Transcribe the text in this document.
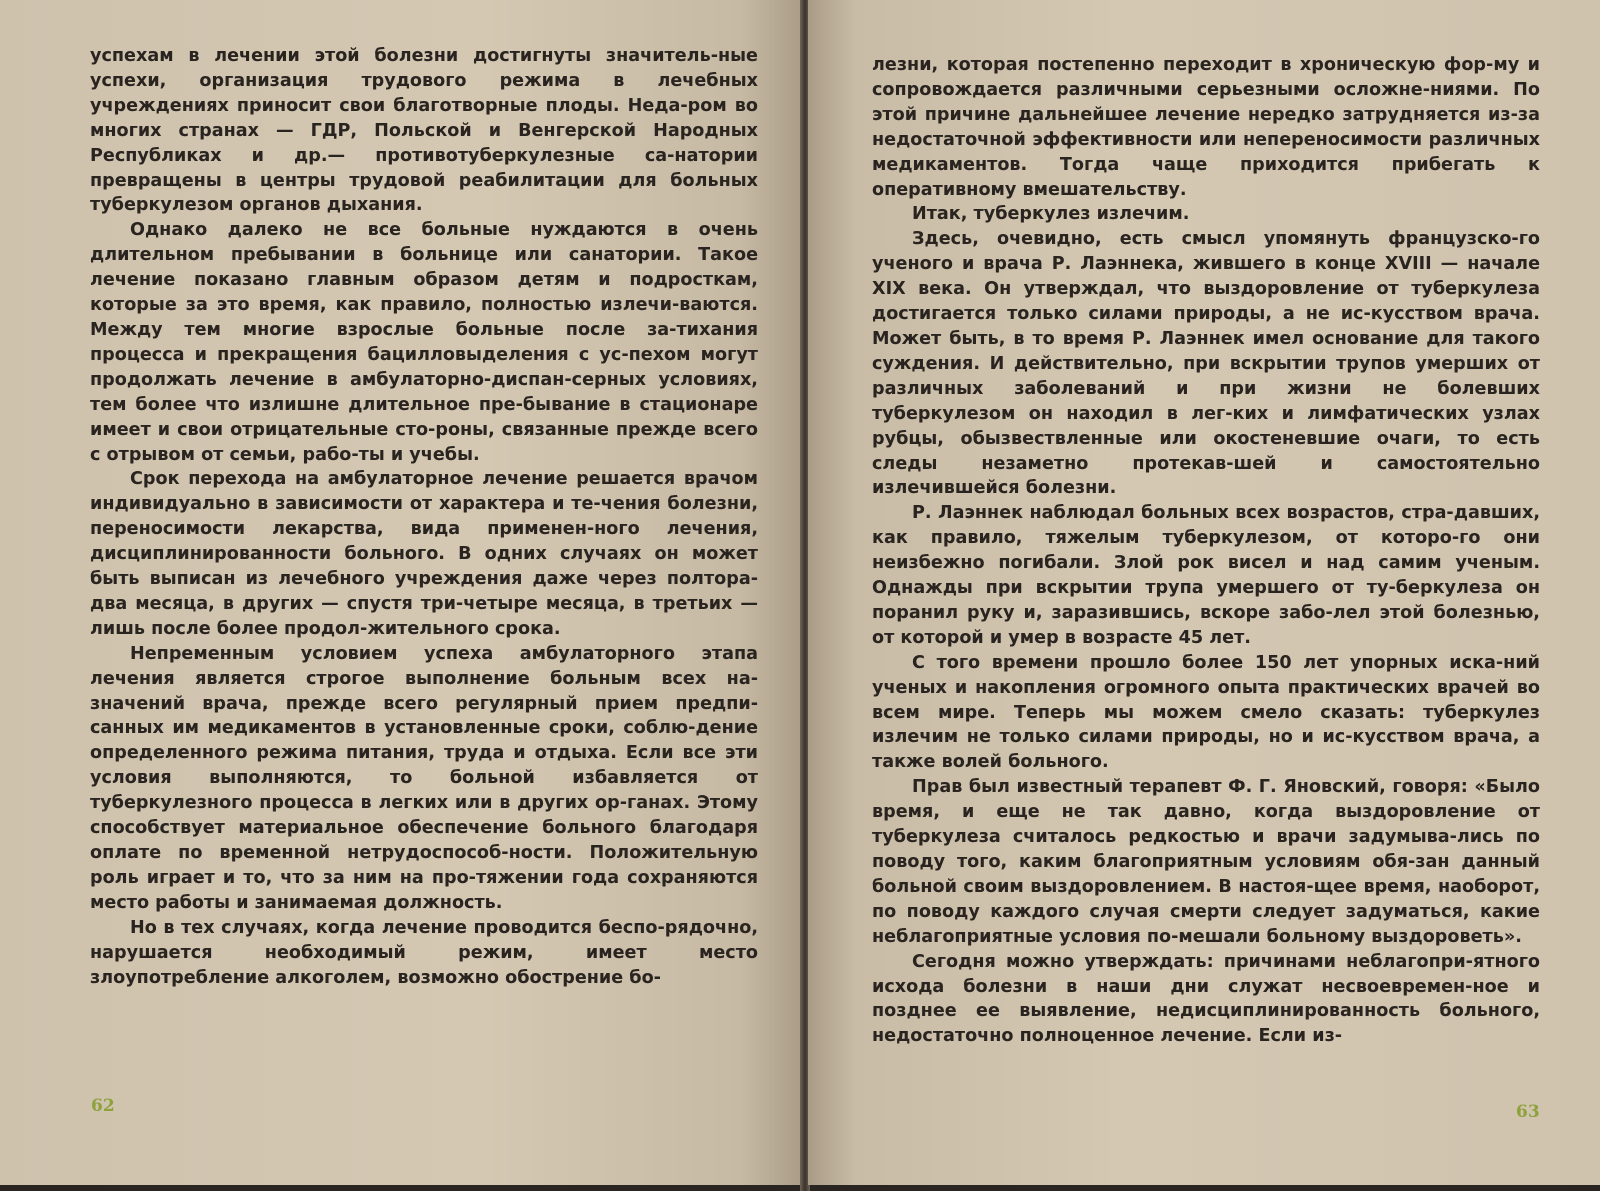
успехам в лечении этой болезни достигнуты значитель-ные успехи, организация трудового режима в лечебных учреждениях приносит свои благотворные плоды. Неда-ром во многих странах — ГДР, Польской и Венгерской Народных Республиках и др.— противотуберкулезные са-натории превращены в центры трудовой реабилитации для больных туберкулезом органов дыхания.

Однако далеко не все больные нуждаются в очень длительном пребывании в больнице или санатории. Такое лечение показано главным образом детям и подросткам, которые за это время, как правило, полностью излечи-ваются. Между тем многие взрослые больные после за-тихания процесса и прекращения бацилловыделения с ус-пехом могут продолжать лечение в амбулаторно-диспан-серных условиях, тем более что излишне длительное пре-бывание в стационаре имеет и свои отрицательные сто-роны, связанные прежде всего с отрывом от семьи, рабо-ты и учебы.

Срок перехода на амбулаторное лечение решается врачом индивидуально в зависимости от характера и те-чения болезни, переносимости лекарства, вида применен-ного лечения, дисциплинированности больного. В одних случаях он может быть выписан из лечебного учреждения даже через полтора-два месяца, в других — спустя три-четыре месяца, в третьих — лишь после более продол-жительного срока.

Непременным условием успеха амбулаторного этапа лечения является строгое выполнение больным всех на-значений врача, прежде всего регулярный прием предпи-санных им медикаментов в установленные сроки, соблю-дение определенного режима питания, труда и отдыха. Если все эти условия выполняются, то больной избавляется от туберкулезного процесса в легких или в других ор-ганах. Этому способствует материальное обеспечение больного благодаря оплате по временной нетрудоспособ-ности. Положительную роль играет и то, что за ним на про-тяжении года сохраняются место работы и занимаемая должность.

Но в тех случаях, когда лечение проводится беспо-рядочно, нарушается необходимый режим, имеет место злоупотребление алкоголем, возможно обострение бо-

62

лезни, которая постепенно переходит в хроническую фор-му и сопровождается различными серьезными осложне-ниями. По этой причине дальнейшее лечение нередко затрудняется из-за недостаточной эффективности или непереносимости различных медикаментов. Тогда чаще приходится прибегать к оперативному вмешательству.

Итак, туберкулез излечим.

Здесь, очевидно, есть смысл упомянуть французско-го ученого и врача Р. Лаэннека, жившего в конце XVIII — начале XIX века. Он утверждал, что выздоровление от туберкулеза достигается только силами природы, а не ис-кусством врача. Может быть, в то время Р. Лаэннек имел основание для такого суждения. И действительно, при вскрытии трупов умерших от различных заболеваний и при жизни не болевших туберкулезом он находил в лег-ких и лимфатических узлах рубцы, обызвествленные или окостеневшие очаги, то есть следы незаметно протекав-шей и самостоятельно излечившейся болезни.

Р. Лаэннек наблюдал больных всех возрастов, стра-давших, как правило, тяжелым туберкулезом, от которо-го они неизбежно погибали. Злой рок висел и над самим ученым. Однажды при вскрытии трупа умершего от ту-беркулеза он поранил руку и, заразившись, вскоре забо-лел этой болезнью, от которой и умер в возрасте 45 лет.

С того времени прошло более 150 лет упорных иска-ний ученых и накопления огромного опыта практических врачей во всем мире. Теперь мы можем смело сказать: туберкулез излечим не только силами природы, но и ис-кусством врача, а также волей больного.

Прав был известный терапевт Ф. Г. Яновский, говоря: «Было время, и еще не так давно, когда выздоровление от туберкулеза считалось редкостью и врачи задумыва-лись по поводу того, каким благоприятным условиям обя-зан данный больной своим выздоровлением. В настоя-щее время, наоборот, по поводу каждого случая смерти следует задуматься, какие неблагоприятные условия по-мешали больному выздороветь».

Сегодня можно утверждать: причинами неблагопри-ятного исхода болезни в наши дни служат несвоевремен-ное и позднее ее выявление, недисциплинированность больного, недостаточно полноценное лечение. Если из-

63
